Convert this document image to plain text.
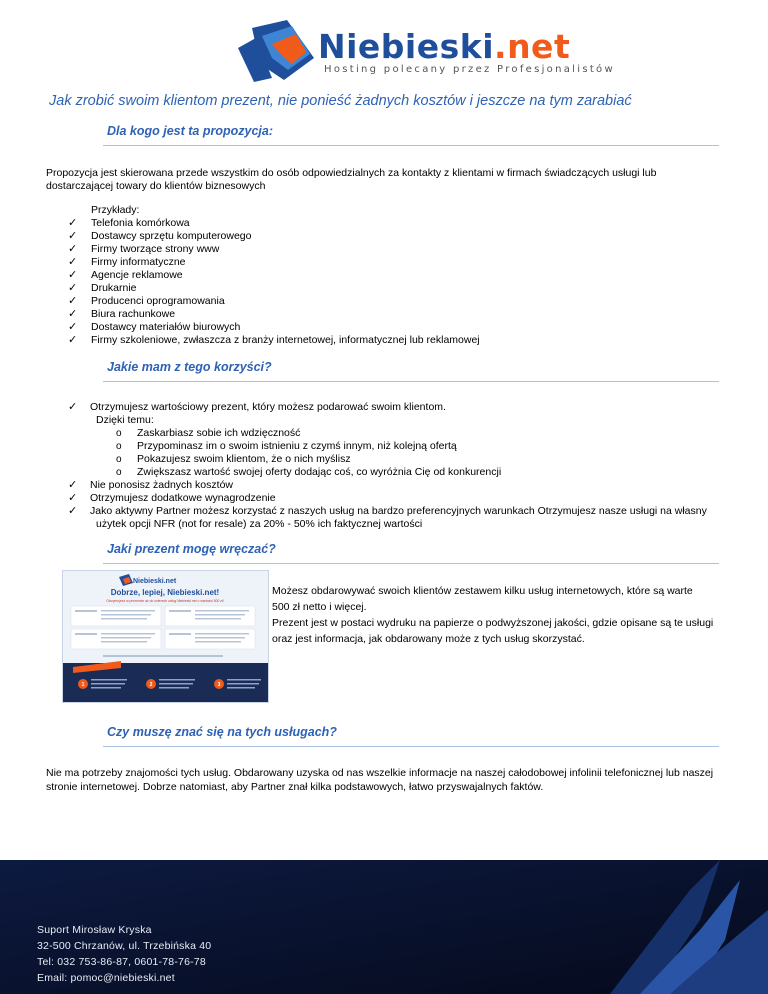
Niebieski.net
Hosting polecany przez Profesjonalistów
Jak zrobić swoim klientom prezent, nie ponieść żadnych kosztów i jeszcze na tym zarabiać
Dla kogo jest ta propozycja:
Propozycja jest skierowana przede wszystkim do osób odpowiedzialnych za kontakty z klientami w firmach świadczących usługi lub
dostarczającej towary do klientów biznesowych
Przykłady:
✓ Telefonia komórkowa
✓ Dostawcy sprzętu komputerowego
✓ Firmy tworzące strony www
✓ Firmy informatyczne
✓ Agencje reklamowe
✓ Drukarnie
✓ Producenci oprogramowania
✓ Biura rachunkowe
✓ Dostawcy materiałów biurowych
✓ Firmy szkoleniowe, zwłaszcza z branży internetowej, informatycznej lub reklamowej
Jakie mam z tego korzyści?
✓ Otrzymujesz wartościowy prezent, który możesz podarować swoim klientom.
Dzięki temu:
o Zaskarbiasz sobie ich wdzięczność
o Przypominasz im o swoim istnieniu z czymś innym, niż kolejną ofertą
o Pokazujesz swoim klientom, że o nich myślisz
o Zwiększasz wartość swojej oferty dodając coś, co wyróżnia Cię od konkurencji
✓ Nie ponosisz żadnych kosztów
✓ Otrzymujesz dodatkowe wynagrodzenie
✓ Jako aktywny Partner możesz korzystać z naszych usług na bardzo preferencyjnych warunkach Otrzymujesz nasze usługi na własny
użytek opcji NFR (not for resale) za 20% - 50% ich faktycznej wartości
Jaki prezent mogę wręczać?
Niebieski.net
Dobrze, lepiej, Niebieski.net!
Otrzymujesz w prezencie aż do czterech usług Niebieski.net o wartości 500 zł!
1	2	3
Możesz obdarowywać swoich klientów zestawem kilku usług internetowych, które są warte
500 zł netto i więcej.
Prezent jest w postaci wydruku na papierze o podwyższonej jakości, gdzie opisane są te usługi
oraz jest informacja, jak obdarowany może z tych usług skorzystać.
Czy muszę znać się na tych usługach?
Nie ma potrzeby znajomości tych usług. Obdarowany uzyska od nas wszelkie informacje na naszej całodobowej infolinii telefonicznej lub naszej
stronie internetowej. Dobrze natomiast, aby Partner znał kilka podstawowych, łatwo przyswajalnych faktów.
Suport Mirosław Kryska
32-500 Chrzanów, ul. Trzebińska 40
Tel: 032 753-86-87, 0601-78-76-78
Email: pomoc@niebieski.net
